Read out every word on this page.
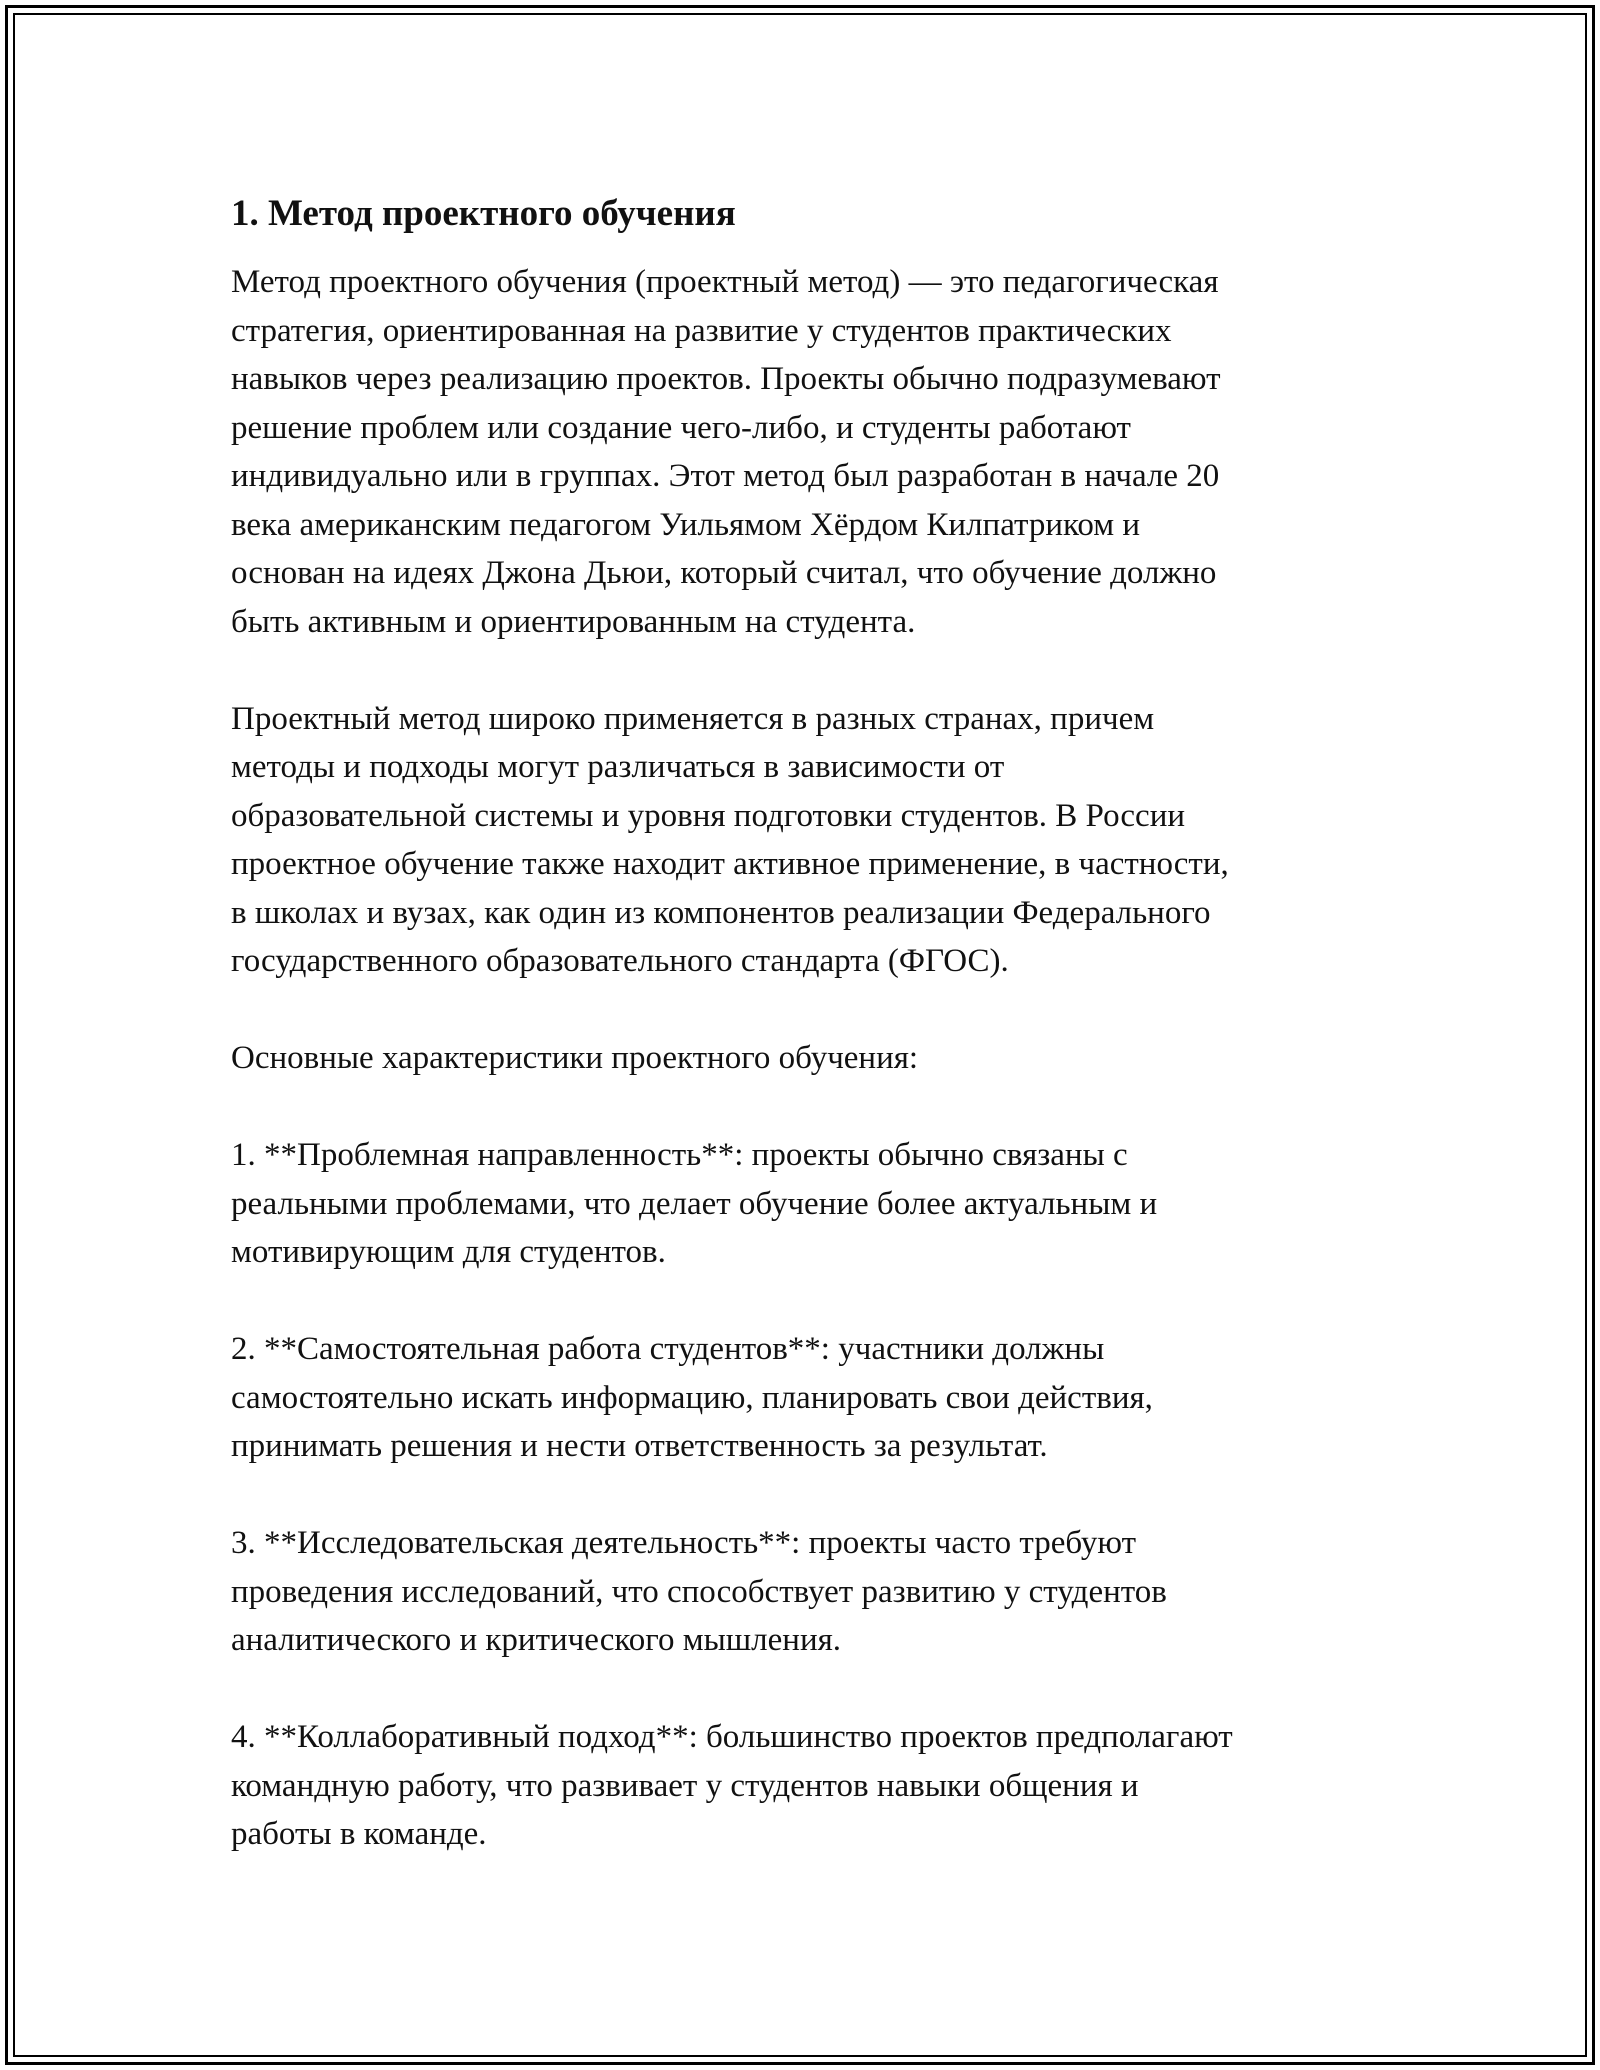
1. Метод проектного обучения
Метод проектного обучения (проектный метод) — это педагогическая
стратегия, ориентированная на развитие у студентов практических
навыков через реализацию проектов. Проекты обычно подразумевают
решение проблем или создание чего-либо, и студенты работают
индивидуально или в группах. Этот метод был разработан в начале 20
века американским педагогом Уильямом Хёрдом Килпатриком и
основан на идеях Джона Дьюи, который считал, что обучение должно
быть активным и ориентированным на студента.
Проектный метод широко применяется в разных странах, причем
методы и подходы могут различаться в зависимости от
образовательной системы и уровня подготовки студентов. В России
проектное обучение также находит активное применение, в частности,
в школах и вузах, как один из компонентов реализации Федерального
государственного образовательного стандарта (ФГОС).
Основные характеристики проектного обучения:
1. **Проблемная направленность**: проекты обычно связаны с
реальными проблемами, что делает обучение более актуальным и
мотивирующим для студентов.
2. **Самостоятельная работа студентов**: участники должны
самостоятельно искать информацию, планировать свои действия,
принимать решения и нести ответственность за результат.
3. **Исследовательская деятельность**: проекты часто требуют
проведения исследований, что способствует развитию у студентов
аналитического и критического мышления.
4. **Коллаборативный подход**: большинство проектов предполагают
командную работу, что развивает у студентов навыки общения и
работы в команде.
